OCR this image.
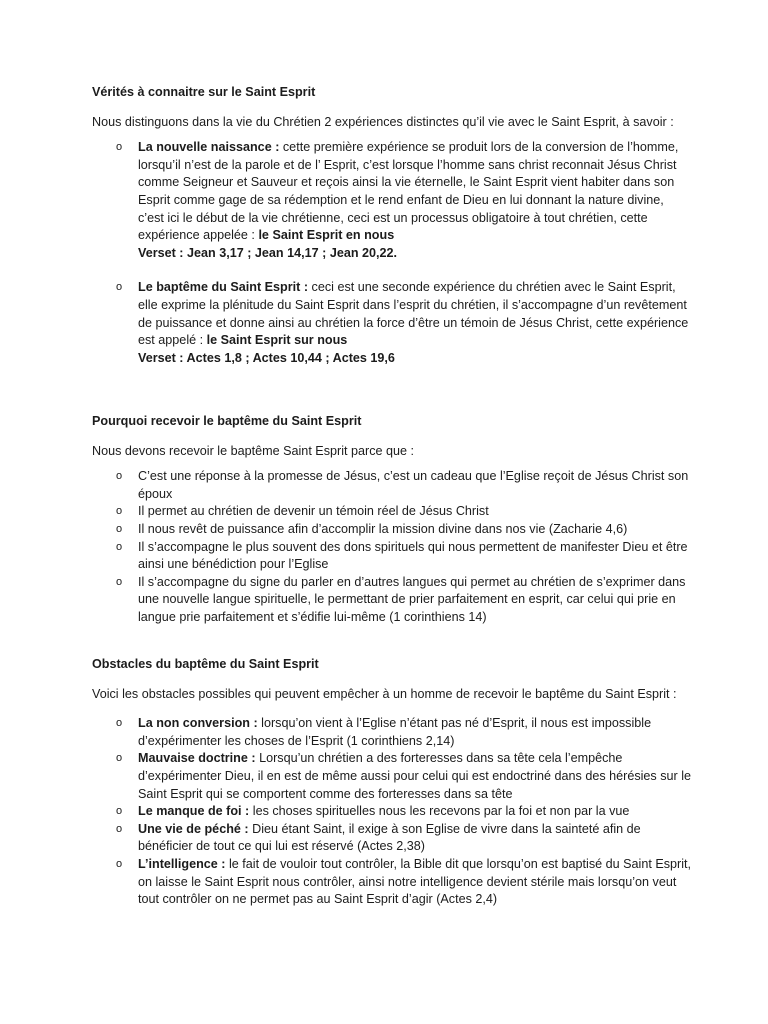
Vérités à connaitre sur le Saint Esprit

Nous distinguons dans la vie du Chrétien 2 expériences distinctes qu’il vie avec le Saint Esprit, à savoir :

o La nouvelle naissance : cette première expérience se produit lors de la conversion de l’homme, lorsqu’il n’est de la parole et de l’ Esprit, c’est lorsque l’homme sans christ reconnait Jésus Christ comme Seigneur et Sauveur et reçois ainsi la vie éternelle, le Saint Esprit vient habiter dans son Esprit comme gage de sa rédemption et le rend enfant de Dieu en lui donnant la nature divine, c’est ici le début de la vie chrétienne, ceci est un processus obligatoire à tout chrétien, cette expérience appelée : le Saint Esprit en nous
Verset : Jean 3,17 ; Jean 14,17 ; Jean 20,22.
o Le baptême du Saint Esprit : ceci est une seconde expérience du chrétien avec le Saint Esprit, elle exprime la plénitude du Saint Esprit dans l’esprit du chrétien, il s’accompagne d’un revêtement de puissance et donne ainsi au chrétien la force d’être un témoin de Jésus Christ, cette expérience est appelé : le Saint Esprit sur nous
Verset : Actes 1,8 ; Actes 10,44 ; Actes 19,6

Pourquoi recevoir le baptême du Saint Esprit

Nous devons recevoir le baptême Saint Esprit parce que :

o C’est une réponse à la promesse de Jésus, c’est un cadeau que l’Eglise reçoit de Jésus Christ son époux
o Il permet au chrétien de devenir un témoin réel de Jésus Christ
o Il nous revêt de puissance afin d’accomplir la mission divine dans nos vie (Zacharie 4,6)
o Il s’accompagne le plus souvent des dons spirituels qui nous permettent de manifester Dieu et être ainsi une bénédiction pour l’Eglise
o Il s’accompagne du signe du parler en d’autres langues qui permet au chrétien de s’exprimer dans une nouvelle langue spirituelle, le permettant de prier parfaitement en esprit, car celui qui prie en langue prie parfaitement et s’édifie lui-même (1 corinthiens 14)

Obstacles du baptême du Saint Esprit

Voici les obstacles possibles qui peuvent empêcher à un homme de recevoir le baptême du Saint Esprit :

o La non conversion : lorsqu’on vient à l’Eglise n’étant pas né d’Esprit, il nous est impossible d’expérimenter les choses de l’Esprit (1 corinthiens 2,14)
o Mauvaise doctrine : Lorsqu’un chrétien a des forteresses dans sa tête cela l’empêche d’expérimenter Dieu, il en est de même aussi pour celui qui est endoctriné dans des hérésies sur le Saint Esprit qui se comportent comme des forteresses dans sa tête
o Le manque de foi : les choses spirituelles nous les recevons par la foi et non par la vue
o Une vie de péché : Dieu étant Saint, il exige à son Eglise de vivre dans la sainteté afin de bénéficier de tout ce qui lui est réservé (Actes 2,38)
o L’intelligence : le fait de vouloir tout contrôler, la Bible dit que lorsqu’on est baptisé du Saint Esprit, on laisse le Saint Esprit nous contrôler, ainsi notre intelligence devient stérile mais lorsqu’on veut tout contrôler on ne permet pas au Saint Esprit d’agir (Actes 2,4)
